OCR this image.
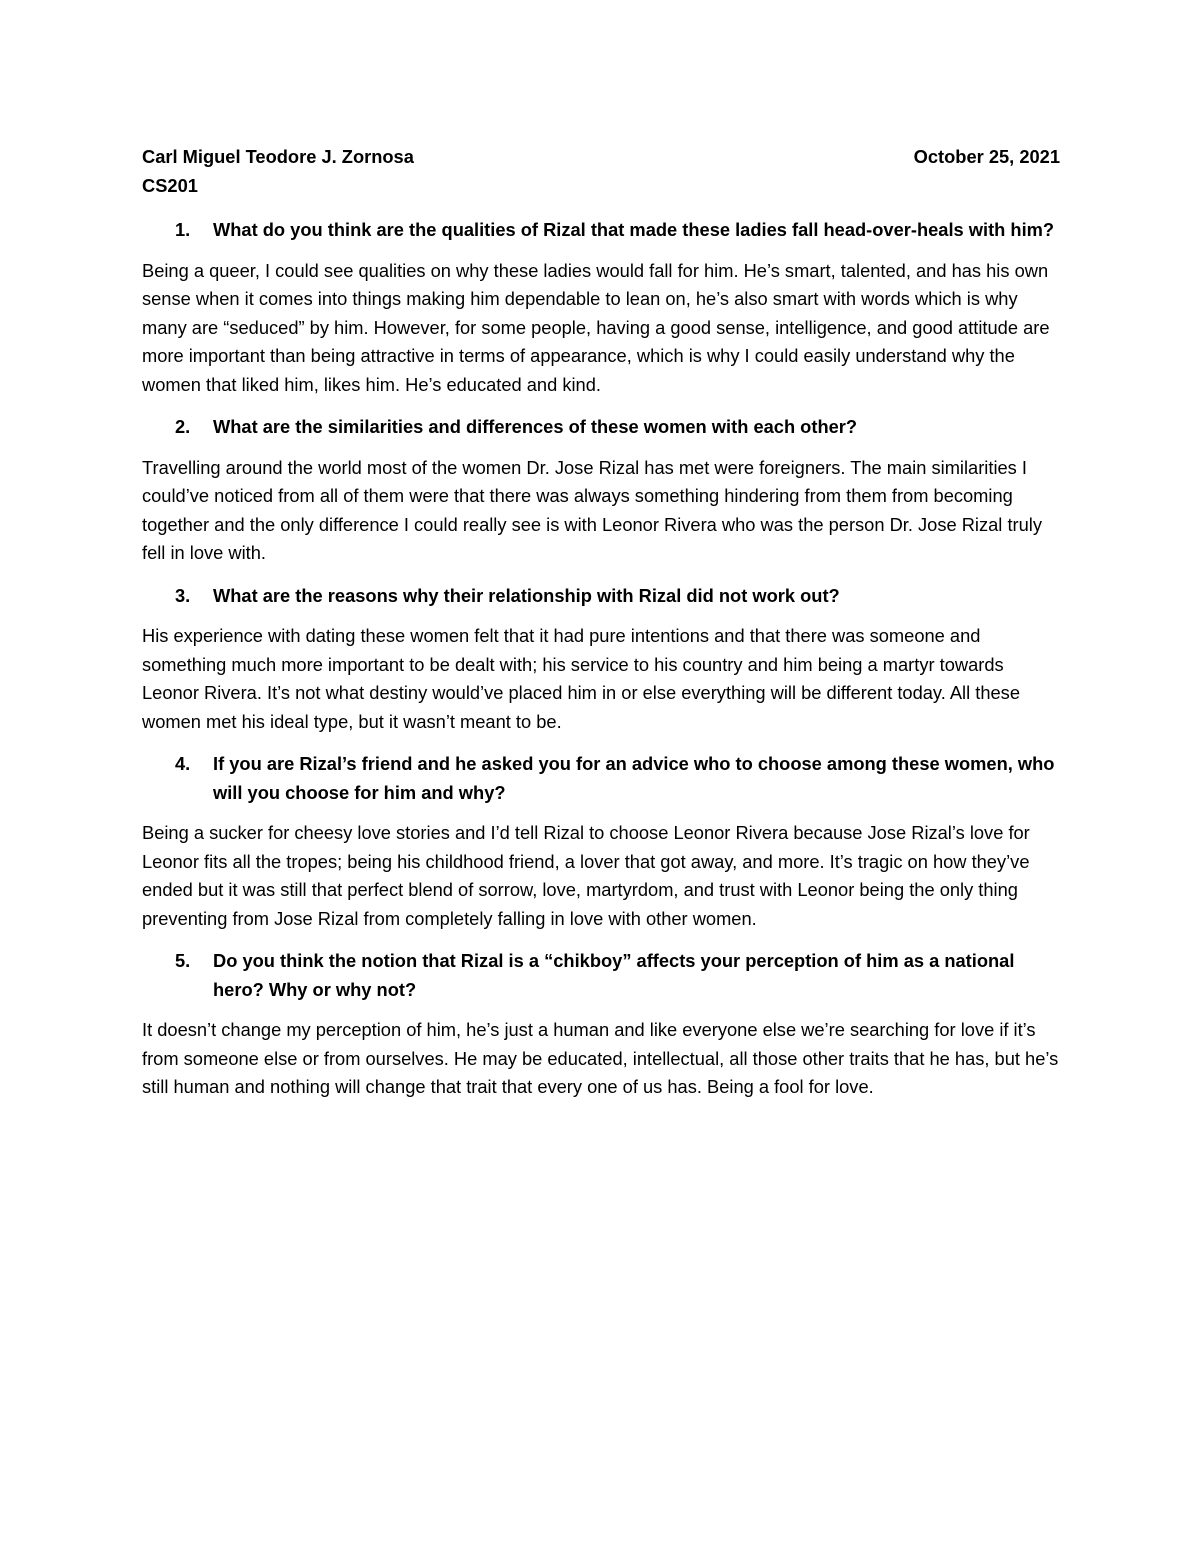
Carl Miguel Teodore J. Zornosa	October 25, 2021
CS201
1.	What do you think are the qualities of Rizal that made these ladies fall head-over-heals with him?

Being a queer, I could see qualities on why these ladies would fall for him. He’s smart, talented, and has his own sense when it comes into things making him dependable to lean on, he’s also smart with words which is why many are “seduced” by him. However, for some people, having a good sense, intelligence, and good attitude are more important than being attractive in terms of appearance, which is why I could easily understand why the women that liked him, likes him. He’s educated and kind.

2.	What are the similarities and differences of these women with each other?

Travelling around the world most of the women Dr. Jose Rizal has met were foreigners. The main similarities I could’ve noticed from all of them were that there was always something hindering from them from becoming together and the only difference I could really see is with Leonor Rivera who was the person Dr. Jose Rizal truly fell in love with.

3.	What are the reasons why their relationship with Rizal did not work out?

His experience with dating these women felt that it had pure intentions and that there was someone and something much more important to be dealt with; his service to his country and him being a martyr towards Leonor Rivera. It’s not what destiny would’ve placed him in or else everything will be different today. All these women met his ideal type, but it wasn’t meant to be.

4.	If you are Rizal’s friend and he asked you for an advice who to choose among these women, who will you choose for him and why?

Being a sucker for cheesy love stories and I’d tell Rizal to choose Leonor Rivera because Jose Rizal’s love for Leonor fits all the tropes; being his childhood friend, a lover that got away, and more. It’s tragic on how they’ve ended but it was still that perfect blend of sorrow, love, martyrdom, and trust with Leonor being the only thing preventing from Jose Rizal from completely falling in love with other women.

5.	Do you think the notion that Rizal is a “chikboy” affects your perception of him as a national hero? Why or why not?

It doesn’t change my perception of him, he’s just a human and like everyone else we’re searching for love if it’s from someone else or from ourselves. He may be educated, intellectual, all those other traits that he has, but he’s still human and nothing will change that trait that every one of us has. Being a fool for love.
